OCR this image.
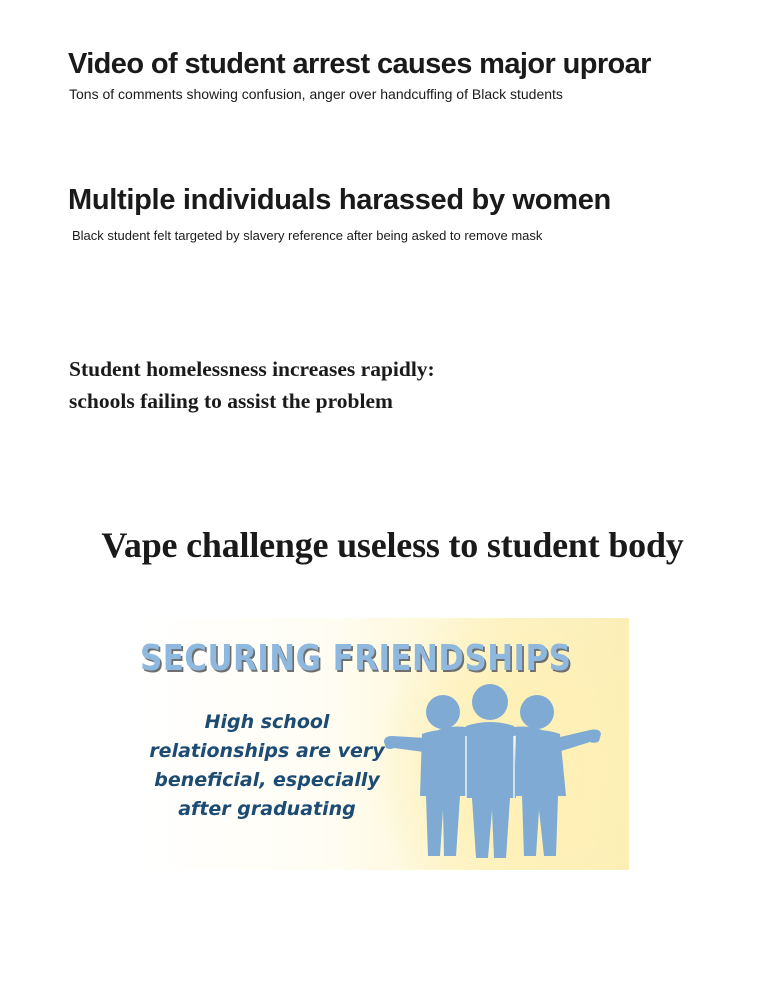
Video of student arrest causes major uproar

Tons of comments showing confusion, anger over handcuffing of Black students

Multiple individuals harassed by women

Black student felt targeted by slavery reference after being asked to remove mask

Student homelessness increases rapidly:
schools failing to assist the problem
Vape challenge useless to student body
SECURING FRIENDSHIPS

High school relationships are very beneficial, especially after graduating
